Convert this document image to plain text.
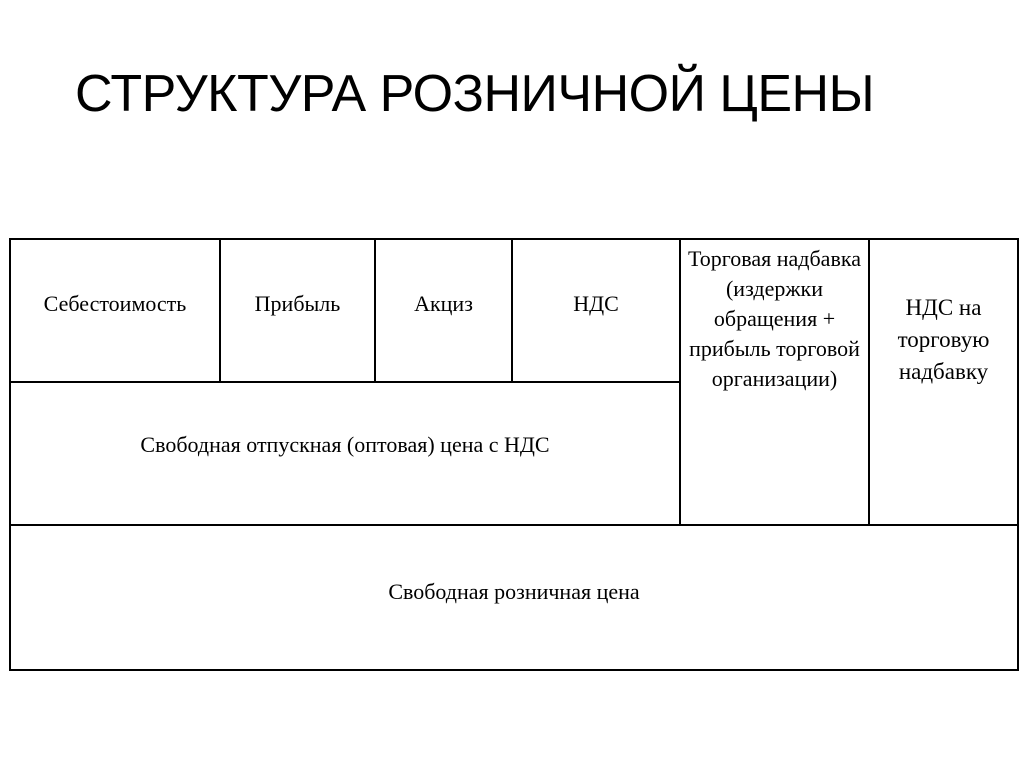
СТРУКТУРА РОЗНИЧНОЙ ЦЕНЫ
Себестоимость	Прибыль	Акциз	НДС	Торговая надбавка (издержки обращения + прибыль торговой организации)	НДС на торговую надбавку
Свободная отпускная (оптовая) цена с НДС
Свободная розничная цена
